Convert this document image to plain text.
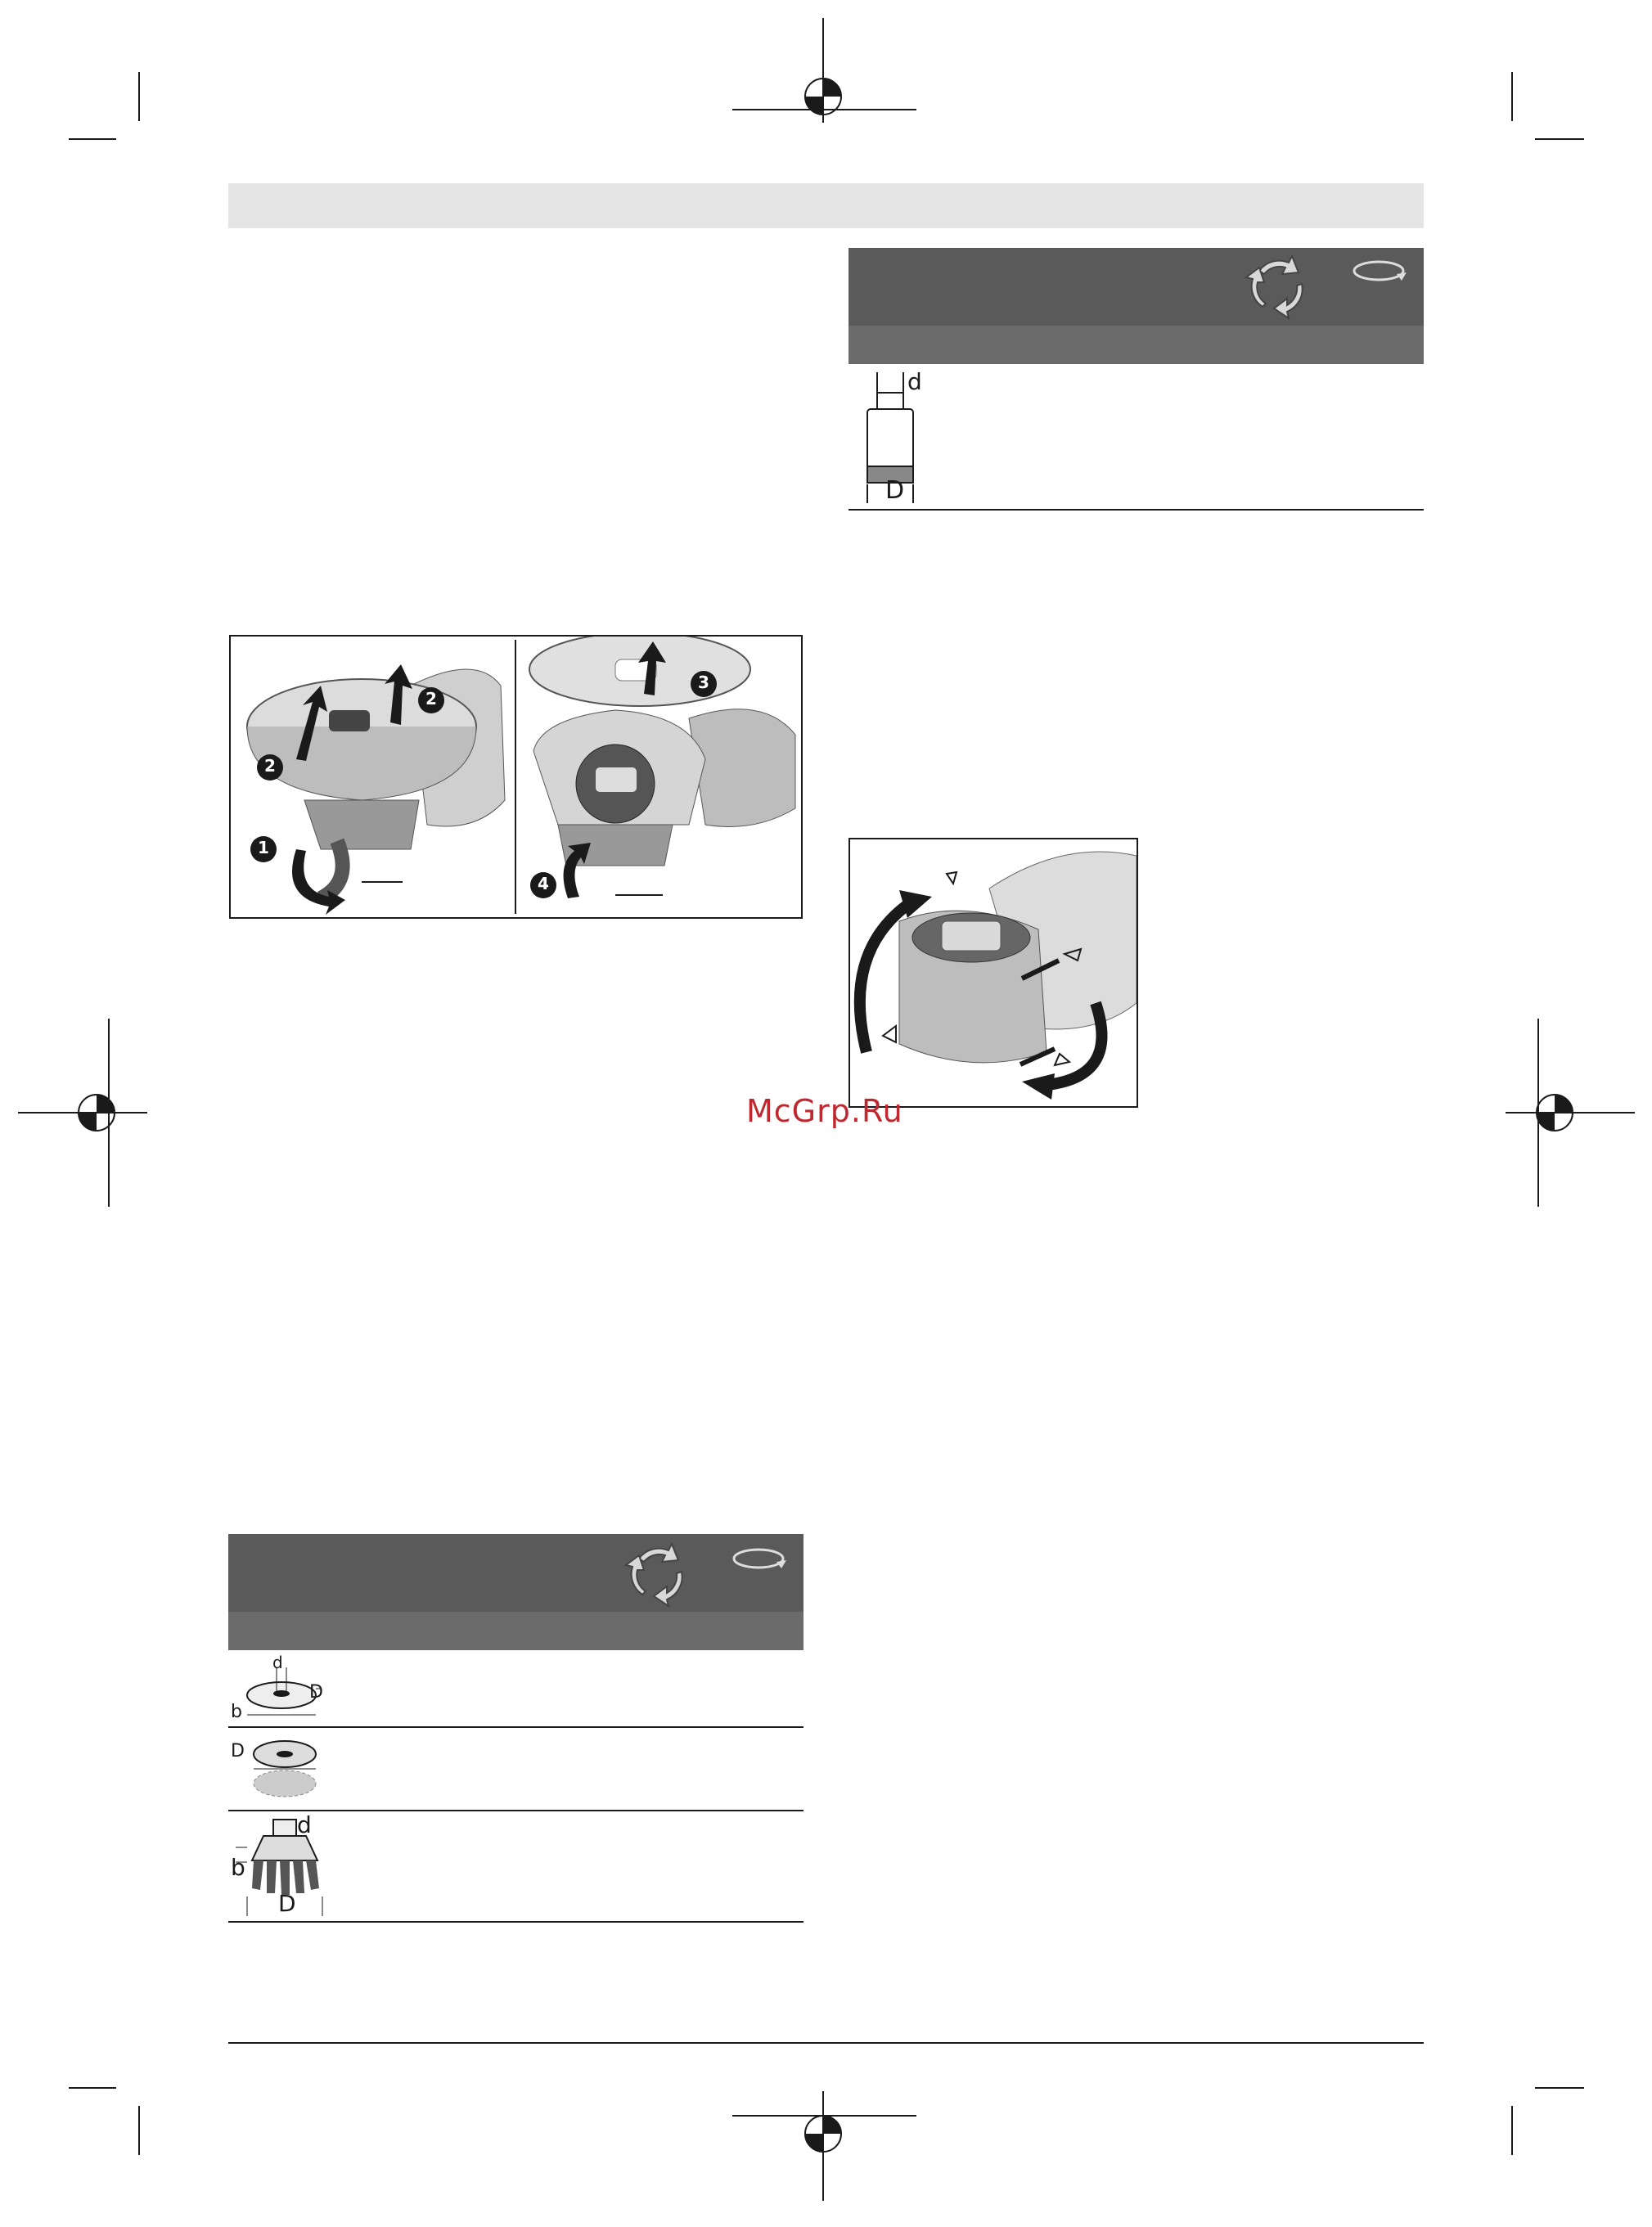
d
D
1
2
2
3
4
McGrp.Ru
d
D
b
D
d
b
D
